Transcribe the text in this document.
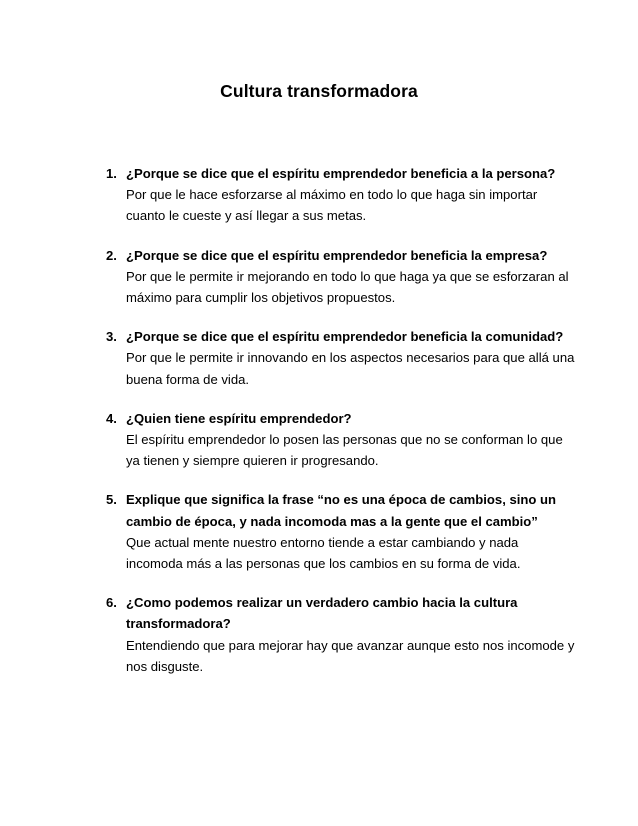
Cultura transformadora
1. ¿Porque se dice que el espíritu emprendedor beneficia a la persona?
Por que le hace esforzarse al máximo en todo lo que haga sin importar cuanto le cueste y así llegar a sus metas.
2. ¿Porque se dice que el espíritu emprendedor beneficia la empresa?
Por que le permite ir mejorando en todo lo que haga ya que se esforzaran al máximo para cumplir los objetivos propuestos.
3. ¿Porque se dice que el espíritu emprendedor beneficia la comunidad?
Por que le permite ir innovando en los aspectos necesarios para que allá una buena forma de vida.
4. ¿Quien tiene espíritu emprendedor?
El espíritu emprendedor lo posen las personas que no se conforman lo que ya tienen y siempre quieren ir progresando.
5. Explique que significa la frase “no es una época de cambios, sino un cambio de época, y nada incomoda mas a la gente que el cambio”
Que actual mente nuestro entorno tiende a estar cambiando y nada incomoda más a las personas que los cambios en su forma de vida.
6. ¿Como podemos realizar un verdadero cambio hacia la cultura transformadora?
Entendiendo que para mejorar hay que avanzar aunque esto nos incomode y nos disguste.
